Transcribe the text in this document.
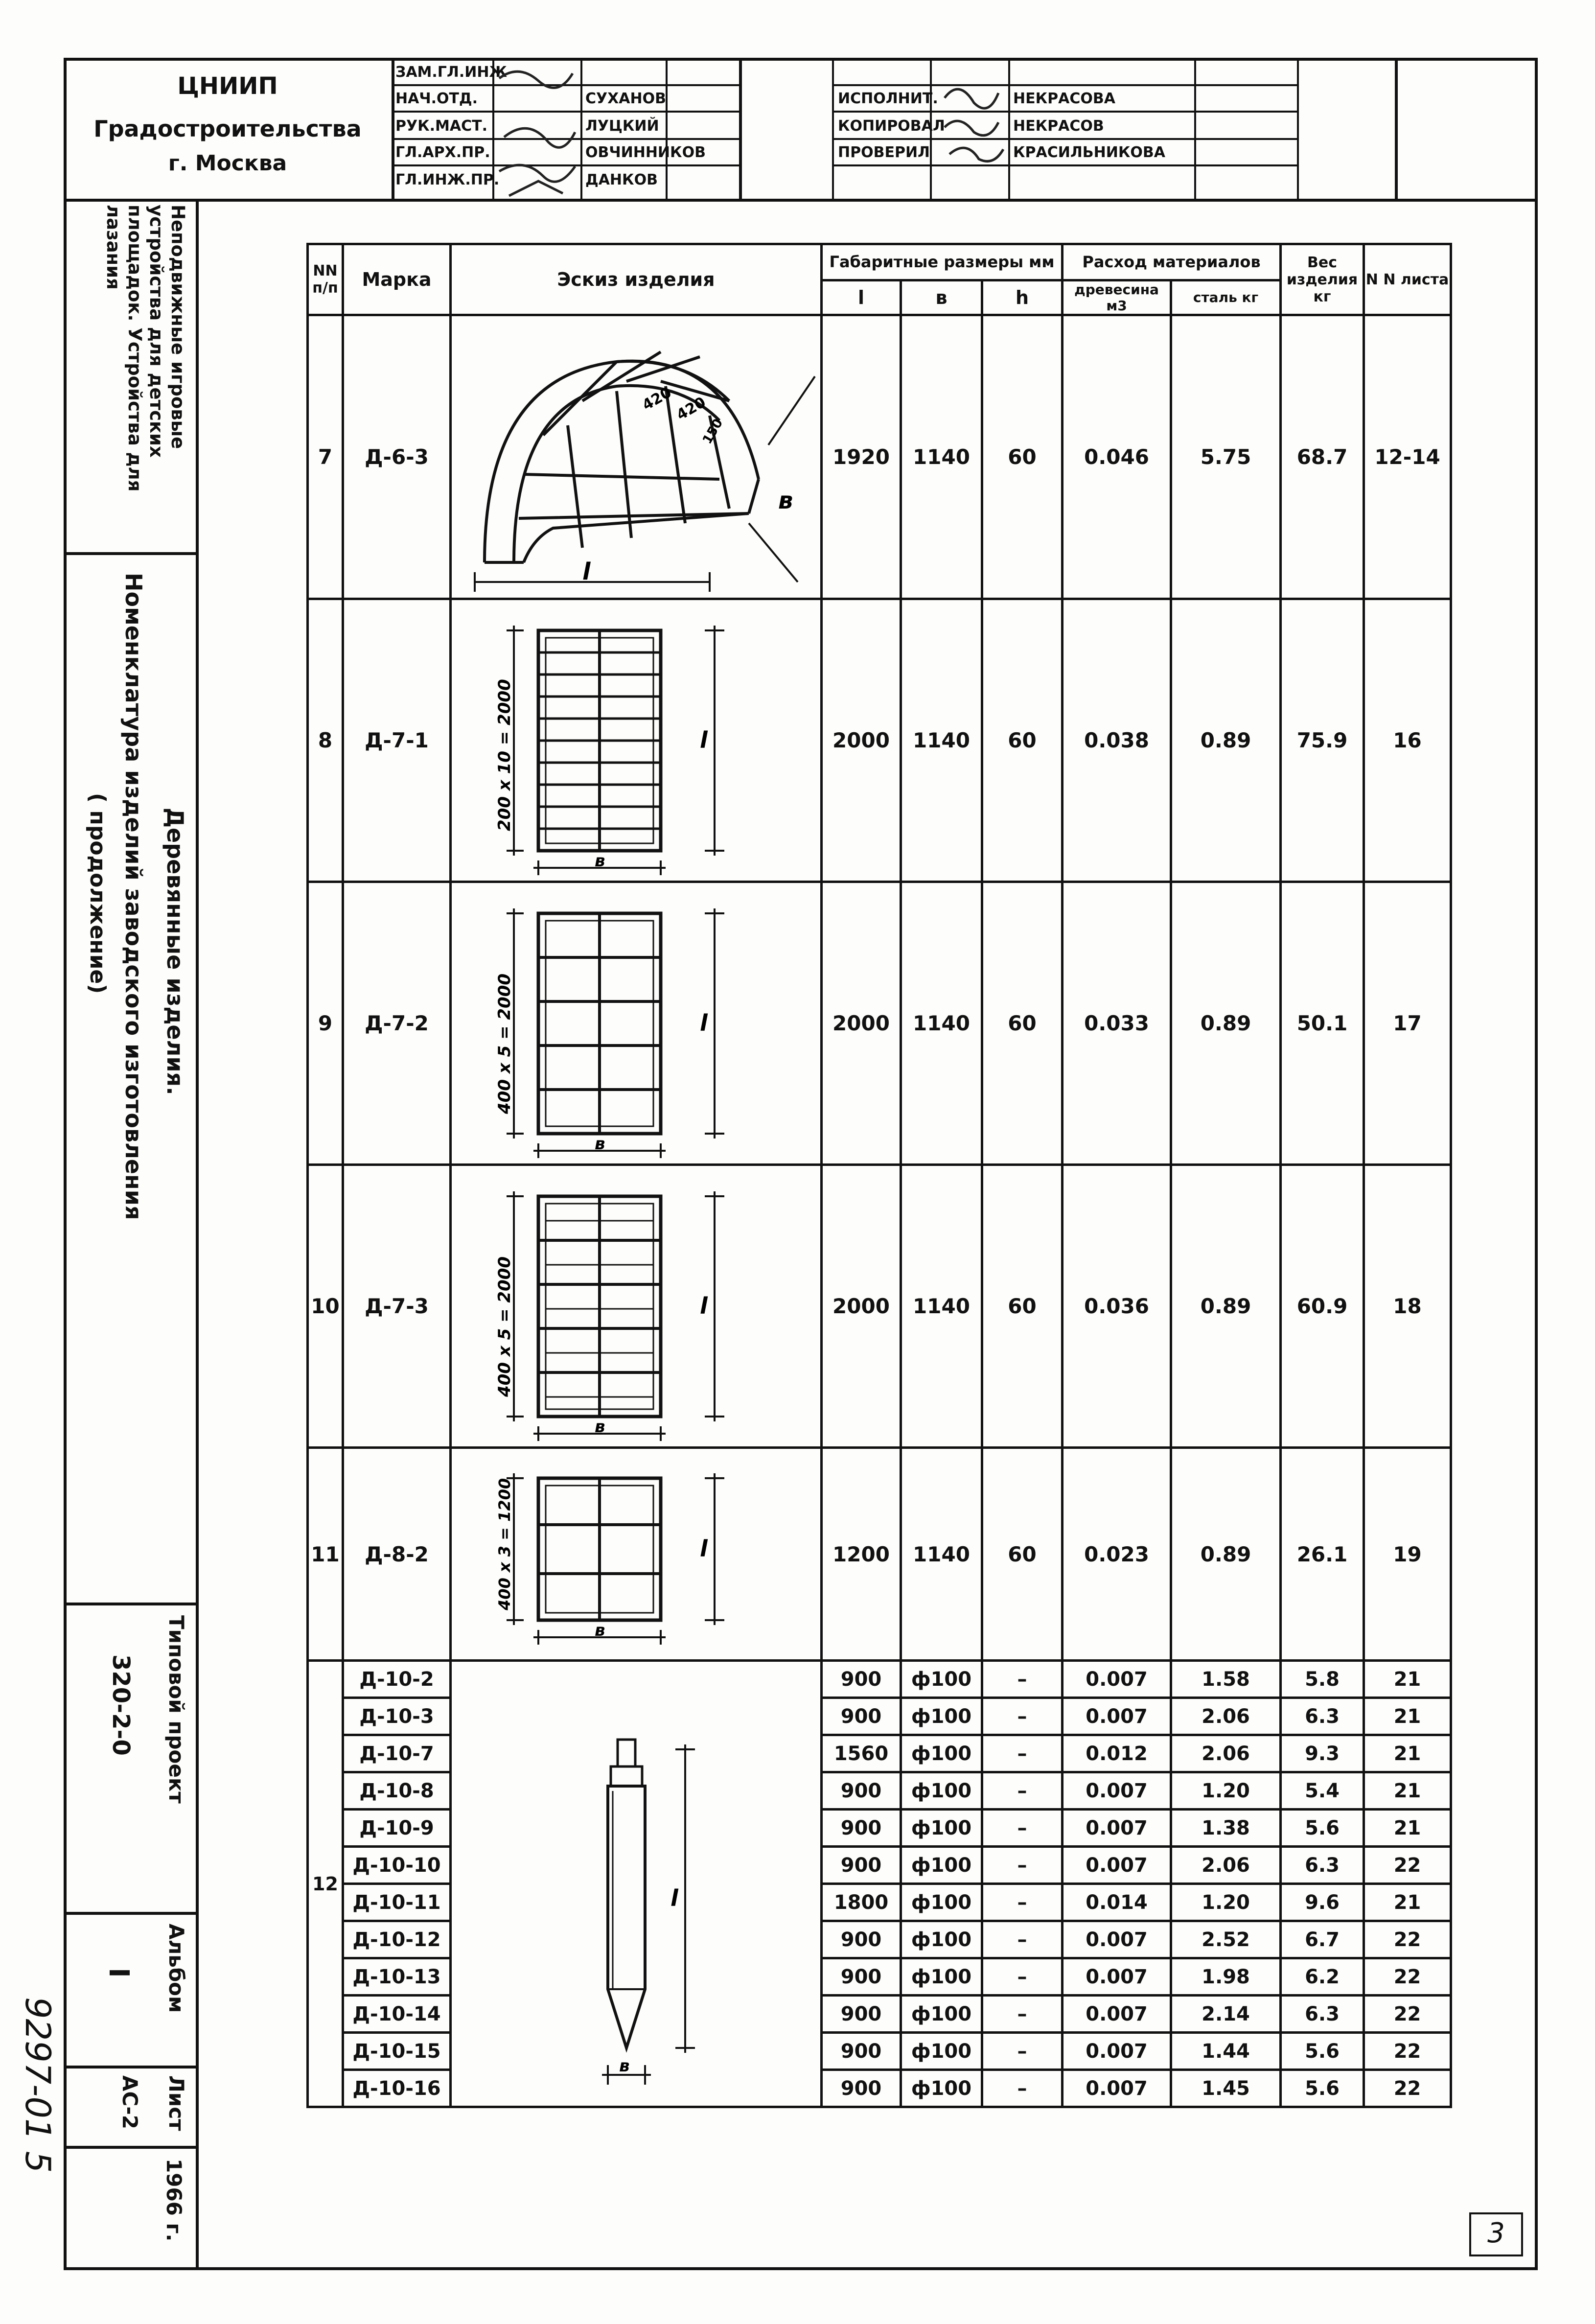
ЦНИИП
Градостроительства
г. Москва
ЗАМ.ГЛ.ИНЖ
НАЧ.ОТД.
РУК.МАСТ.
ГЛ.АРХ.ПР.
ГЛ.ИНЖ.ПР.
СУХАНОВ
ЛУЦКИЙ
ОВЧИННИКОВ
ДАНКОВ
ИСПОЛНИТ.
КОПИРОВАЛ
ПРОВЕРИЛ
НЕКРАСОВА
НЕКРАСОВ
КРАСИЛЬНИКОВА
Неподвижные игровые устройства для детских площадок. Устройства для лазания
Деревянные изделия.
Номенклатура изделий заводского изготовления
( продолжение)
Типовой проект
320-2-0
Альбом
I
Лист
АС-2
1966 г.
9297-01 5
3
NN п/п	Марка	Эскиз изделия	Габаритные размеры мм			Расход материалов		Вес изделия кг	N N листа
			l	в	h	древесина м3	сталь кг		
7	Д-6-3	l
в
420
420
150	1920	1140	60	0.046	5.75	68.7	12-14
8	Д-7-1	200 х 10 = 2000
в
l	2000	1140	60	0.038	0.89	75.9	16
9	Д-7-2	400 х 5 = 2000
в
l	2000	1140	60	0.033	0.89	50.1	17
10	Д-7-3	400 х 5 = 2000
в
l	2000	1140	60	0.036	0.89	60.9	18
11	Д-8-2	400 х 3 = 1200
в
l	1200	1140	60	0.023	0.89	26.1	19
12	Д-10-2	в
l	900	ф100	–	0.007	1.58	5.8	21
	Д-10-3		900	ф100	–	0.007	2.06	6.3	21
	Д-10-7		1560	ф100	–	0.012	2.06	9.3	21
	Д-10-8		900	ф100	–	0.007	1.20	5.4	21
	Д-10-9		900	ф100	–	0.007	1.38	5.6	21
	Д-10-10		900	ф100	–	0.007	2.06	6.3	22
	Д-10-11		1800	ф100	–	0.014	1.20	9.6	21
	Д-10-12		900	ф100	–	0.007	2.52	6.7	22
	Д-10-13		900	ф100	–	0.007	1.98	6.2	22
	Д-10-14		900	ф100	–	0.007	2.14	6.3	22
	Д-10-15		900	ф100	–	0.007	1.44	5.6	22
	Д-10-16		900	ф100	–	0.007	1.45	5.6	22
